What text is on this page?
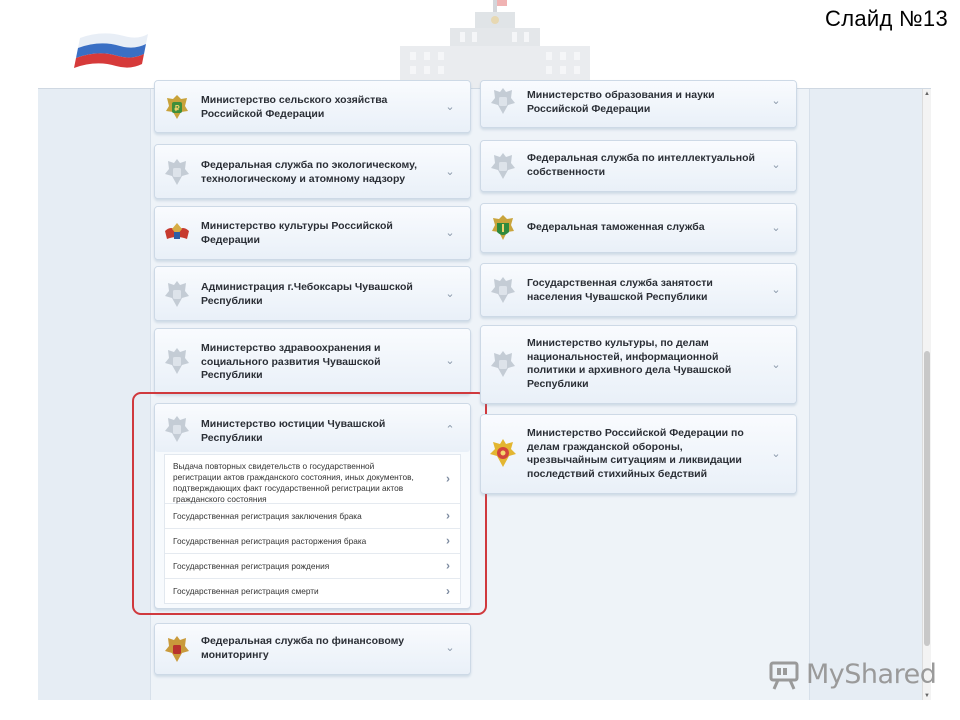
Слайд №13
▲
▼
₽
Министерство сельского хозяйства Российской Федерации
⌄
Федеральная служба по экологическому, технологическому и атомному надзору
⌄
Министерство культуры Российской Федерации
⌄
Администрация г.Чебоксары Чувашской Республики
⌄
Министерство здравоохранения и социального развития Чувашской Республики
⌄
Министерство юстиции Чувашской Республики
⌃
Выдача повторных свидетельств о государственной регистрации актов гражданского состояния, иных документов, подтверждающих факт государственной регистрации актов гражданского состояния
›
Государственная регистрация заключения брака	›
Государственная регистрация расторжения брака	›
Государственная регистрация рождения	›
Государственная регистрация смерти	›
Федеральная служба по финансовому мониторингу
⌄
Министерство образования и науки Российской Федерации
⌄
Федеральная служба по интеллектуальной собственности
⌄
Федеральная таможенная служба	⌄
Государственная служба занятости населения Чувашской Республики
⌄
Министерство культуры, по делам национальностей, информационной политики и архивного дела Чувашской Республики
⌄
Министерство Российской Федерации по делам гражданской обороны, чрезвычайным ситуациям и ликвидации последствий стихийных бедствий
⌄
MyShared
